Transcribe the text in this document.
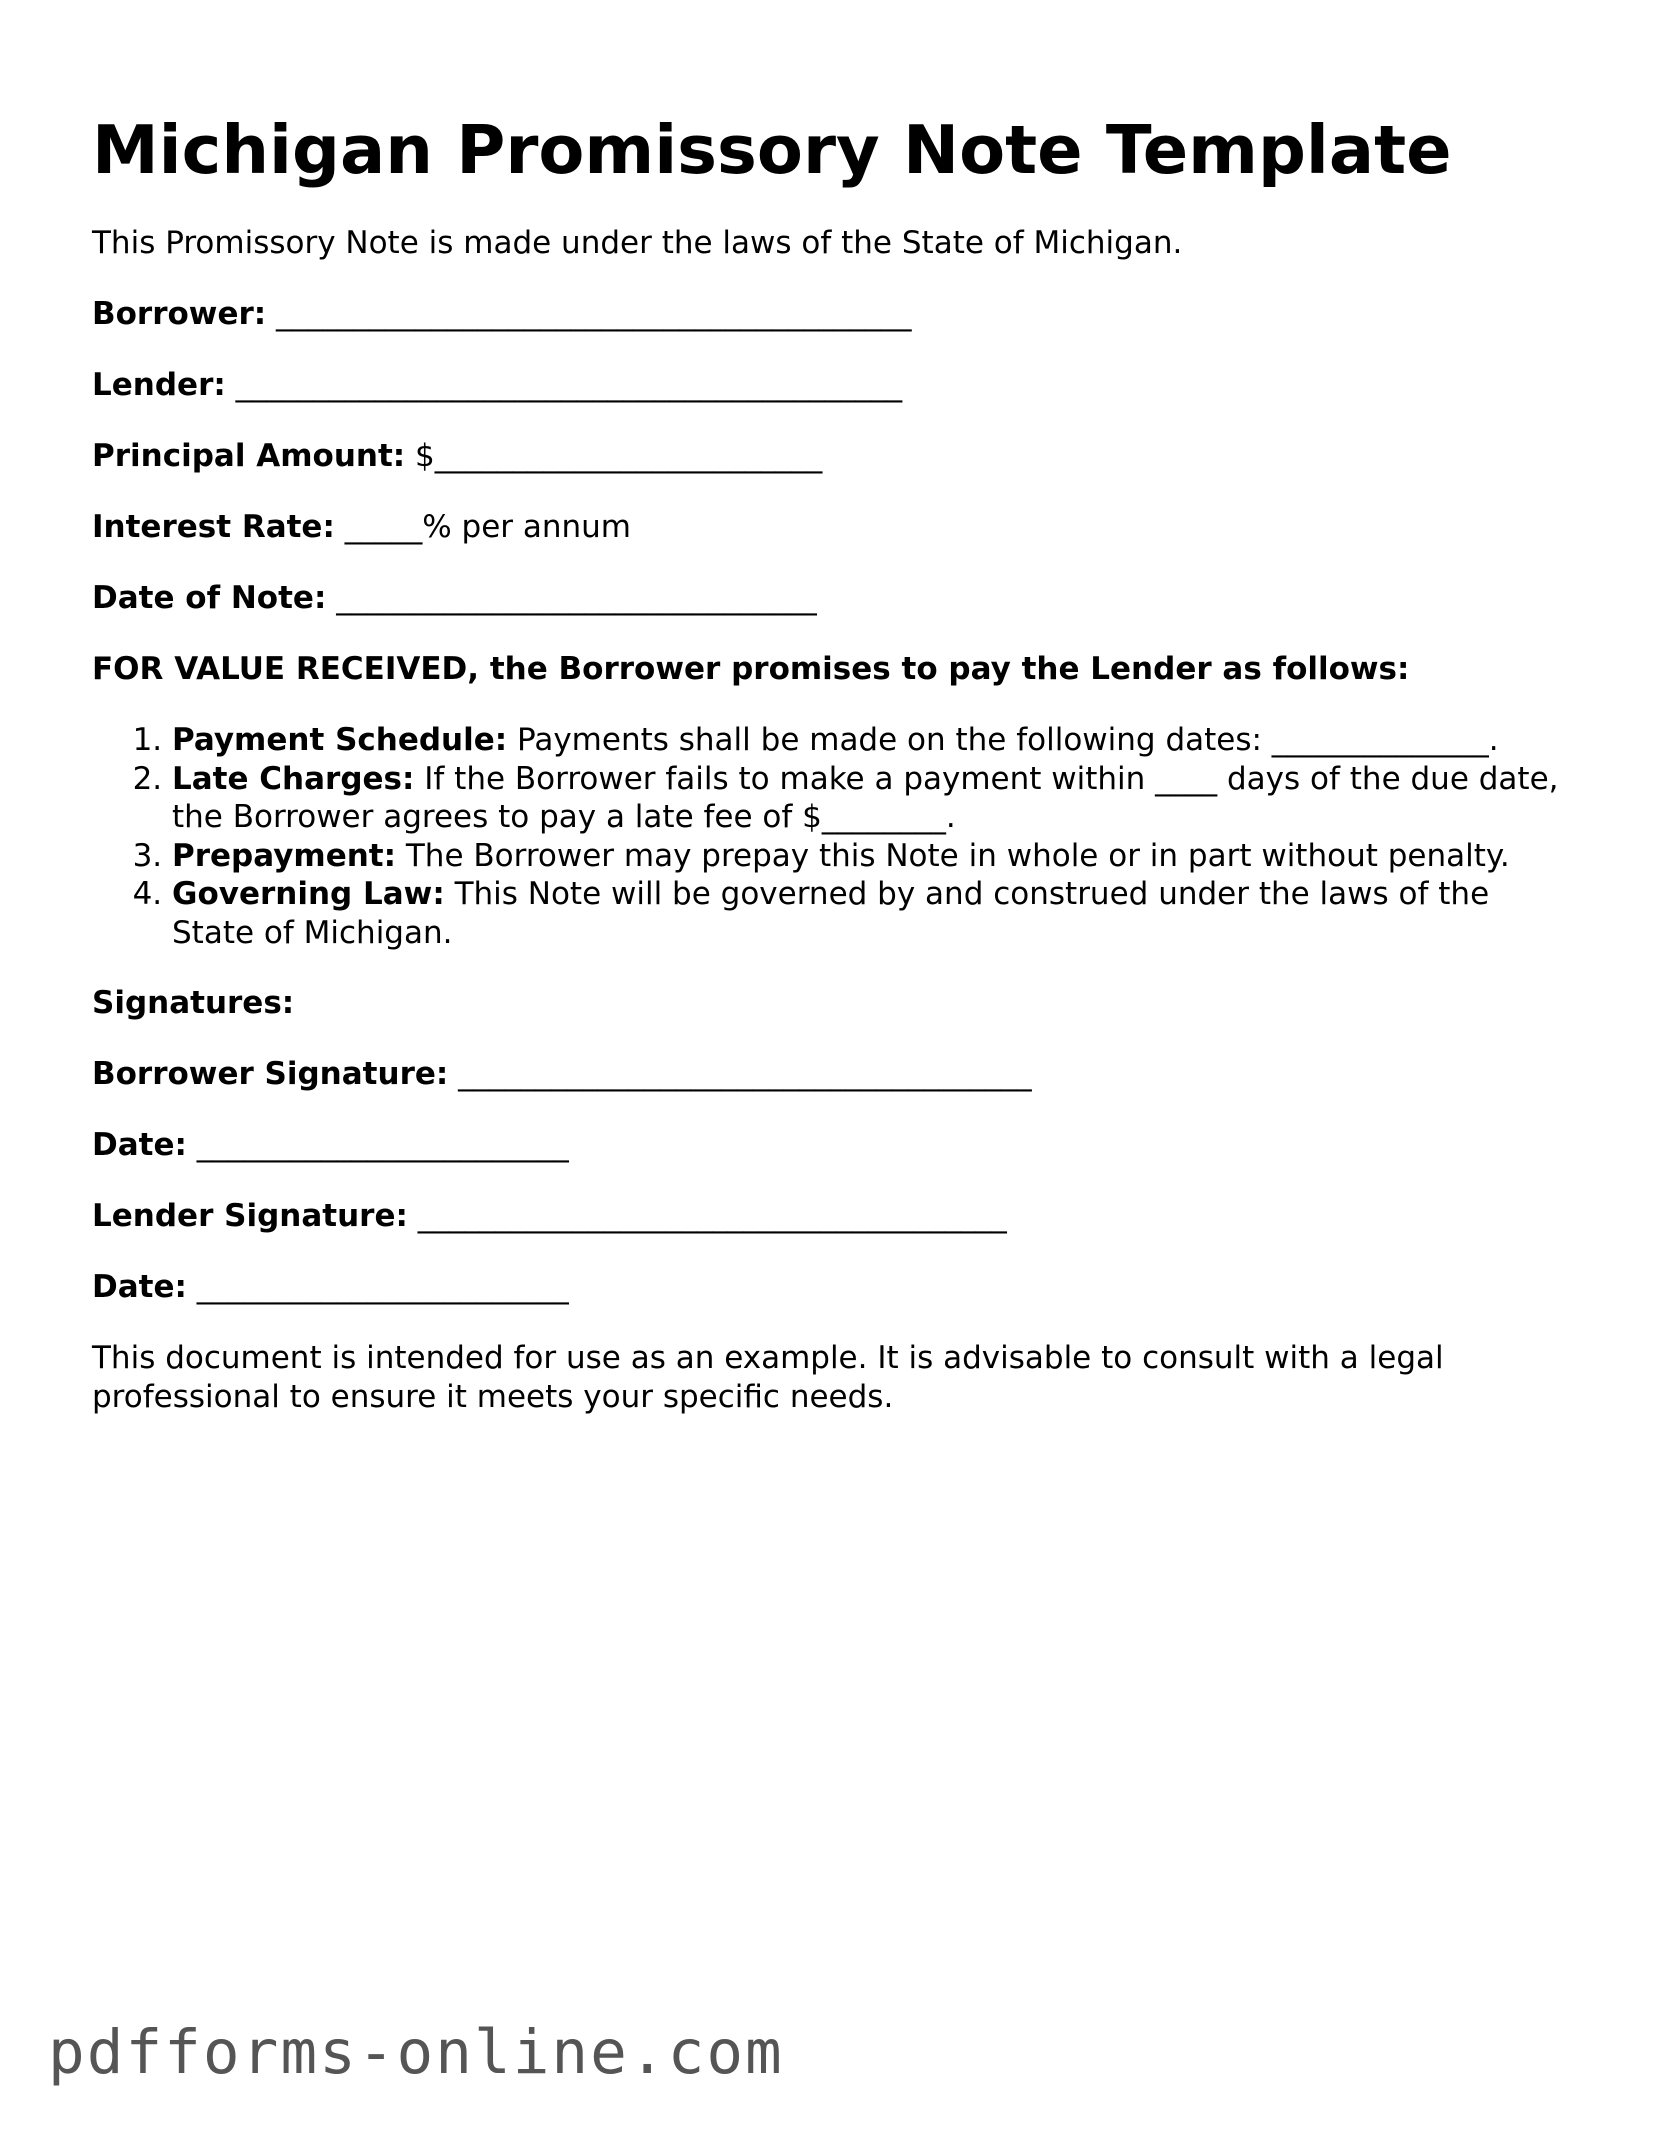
Michigan Promissory Note Template

This Promissory Note is made under the laws of the State of Michigan.

Borrower: _________________________________________
Lender: ___________________________________________
Principal Amount: $_________________________
Interest Rate: _____% per annum
Date of Note: _______________________________

FOR VALUE RECEIVED, the Borrower promises to pay the Lender as follows:

1. Payment Schedule: Payments shall be made on the following dates: ______________.
2. Late Charges: If the Borrower fails to make a payment within ____ days of the due date, the Borrower agrees to pay a late fee of $________.
3. Prepayment: The Borrower may prepay this Note in whole or in part without penalty.
4. Governing Law: This Note will be governed by and construed under the laws of the State of Michigan.

Signatures:

Borrower Signature: _____________________________________
Date: ________________________
Lender Signature: ______________________________________
Date: ________________________

This document is intended for use as an example. It is advisable to consult with a legal professional to ensure it meets your specific needs.

pdfforms-online.com
